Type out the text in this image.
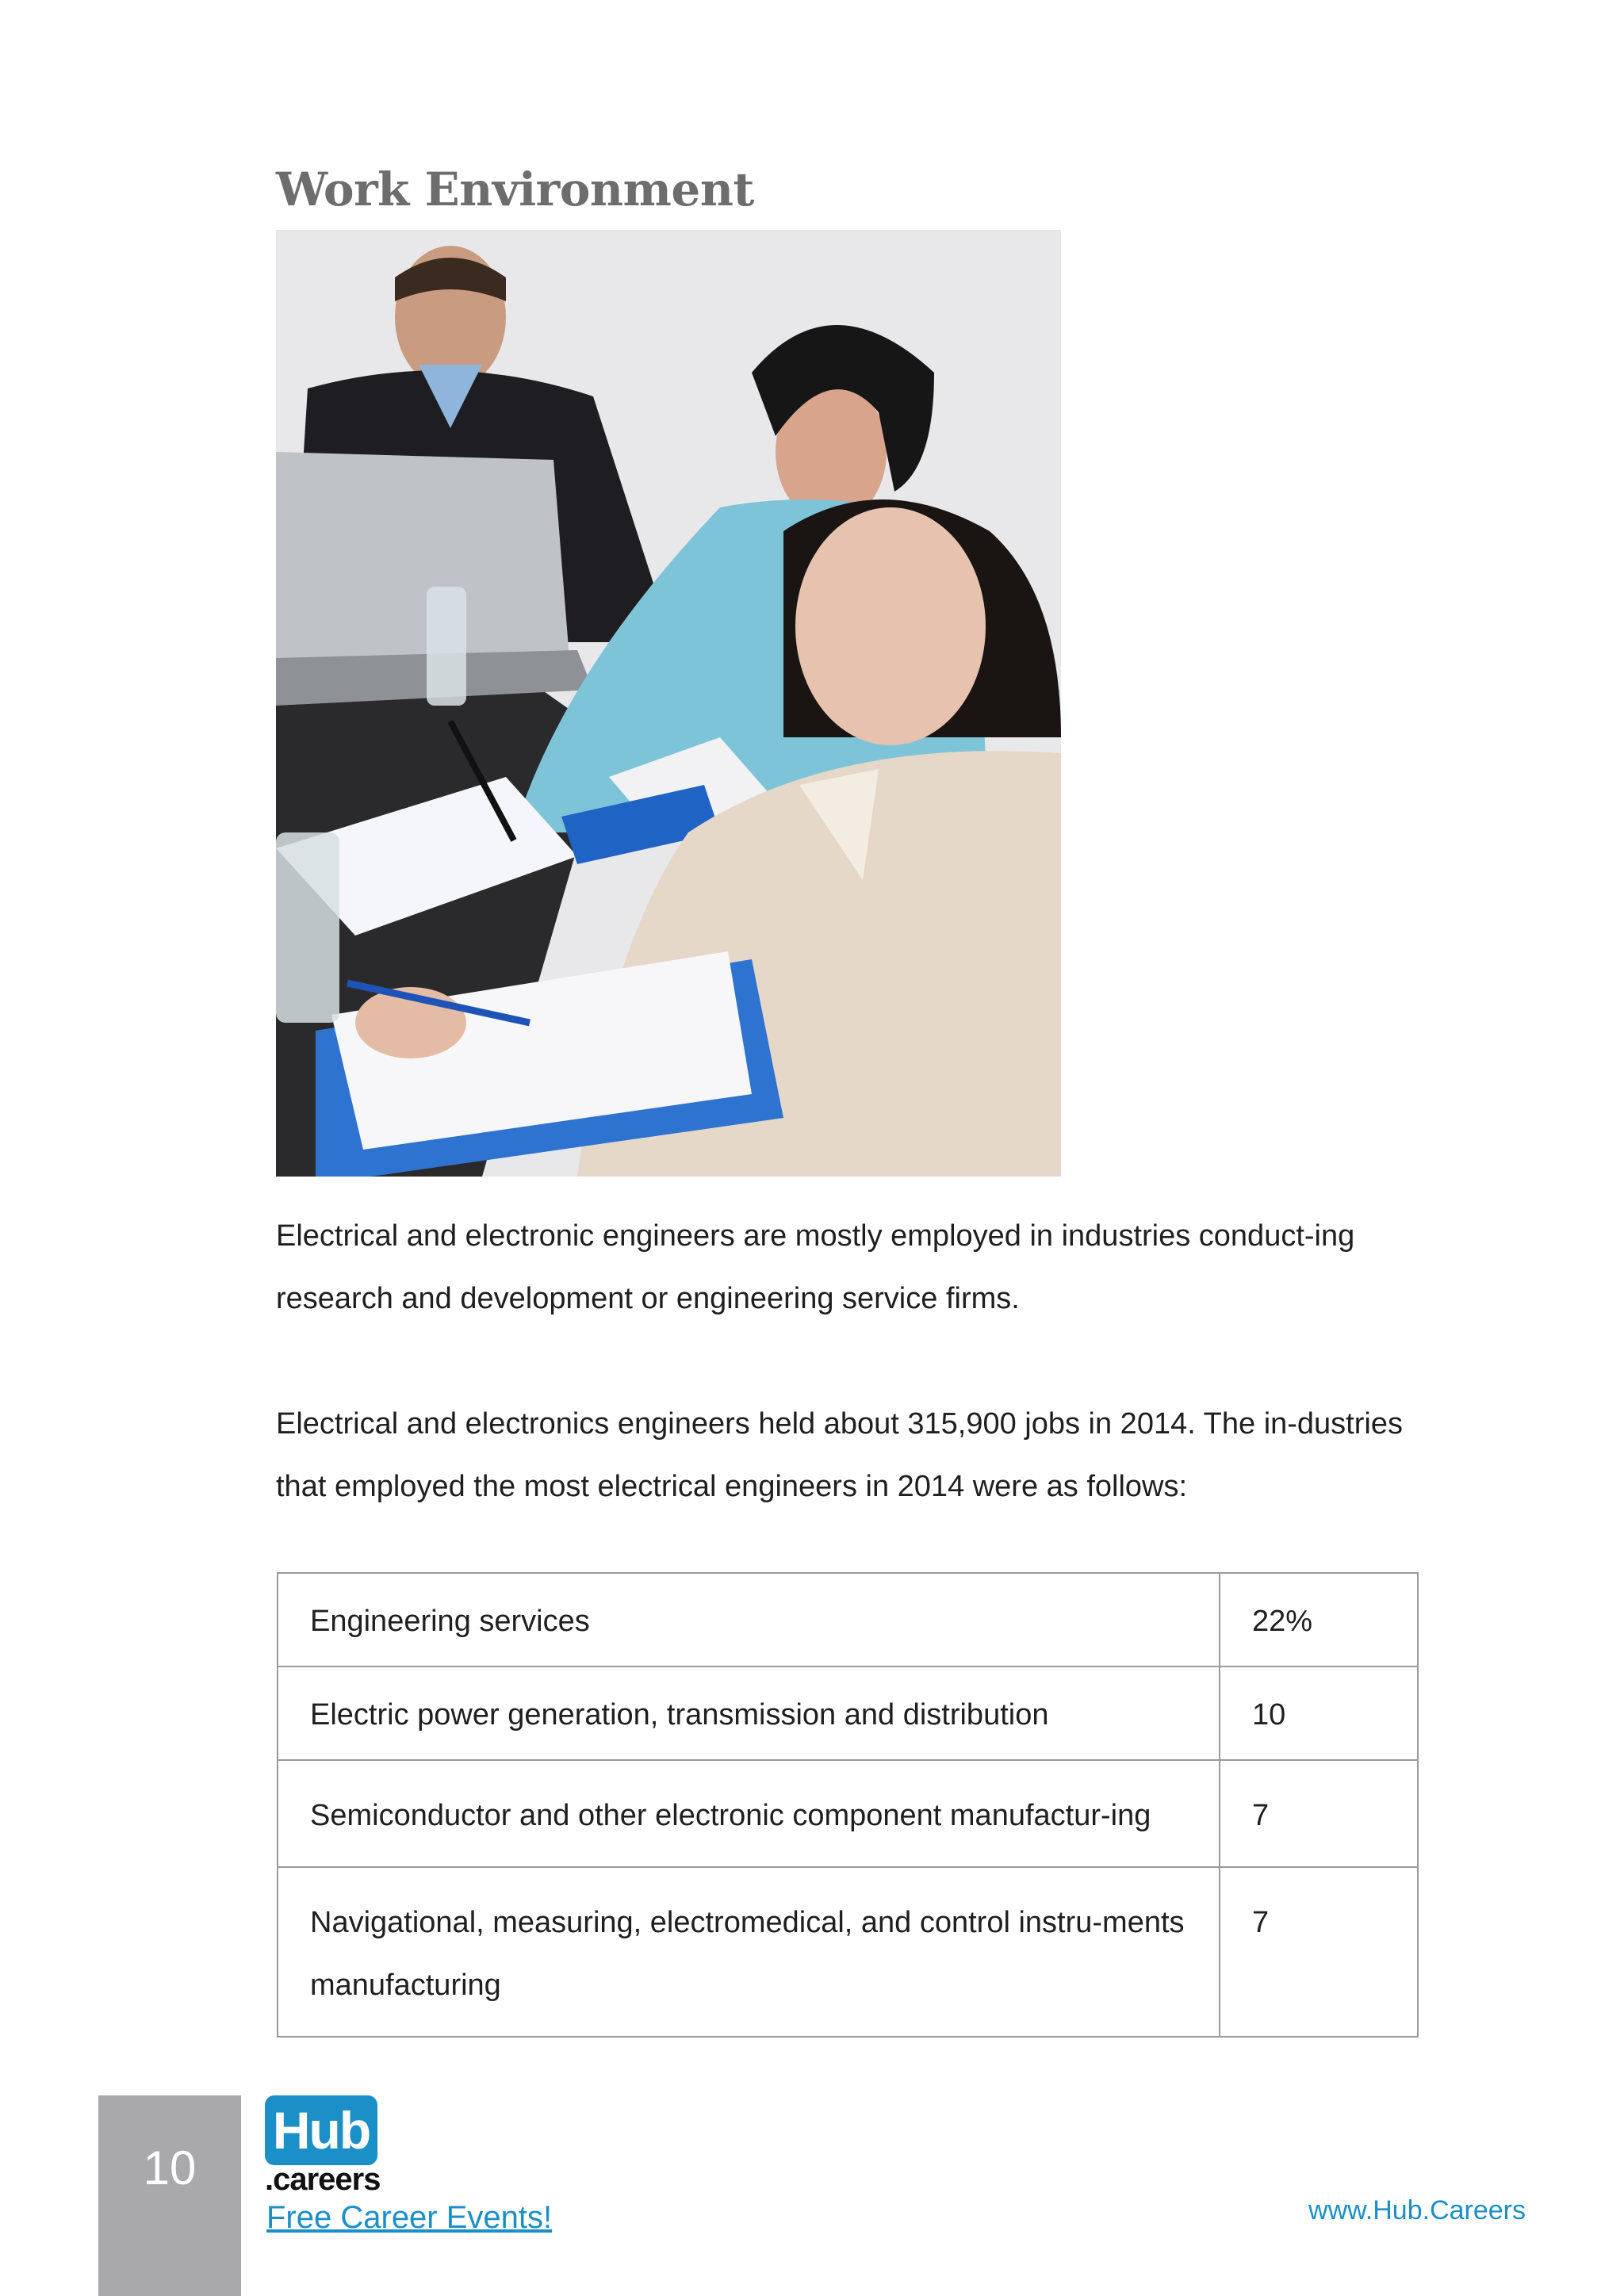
Work Environment

Electrical and electronic engineers are mostly employed in industries conduct-ing research and development or engineering service firms.

Electrical and electronics engineers held about 315,900 jobs in 2014. The in-dustries that employed the most electrical engineers in 2014 were as follows:

Engineering services	22%
Electric power generation, transmission and distribution	10
Semiconductor and other electronic component manufactur-ing	7
Navigational, measuring, electromedical, and control instru-ments manufacturing	7
10
Hub
.careers
Free Career Events!	www.Hub.Careers
